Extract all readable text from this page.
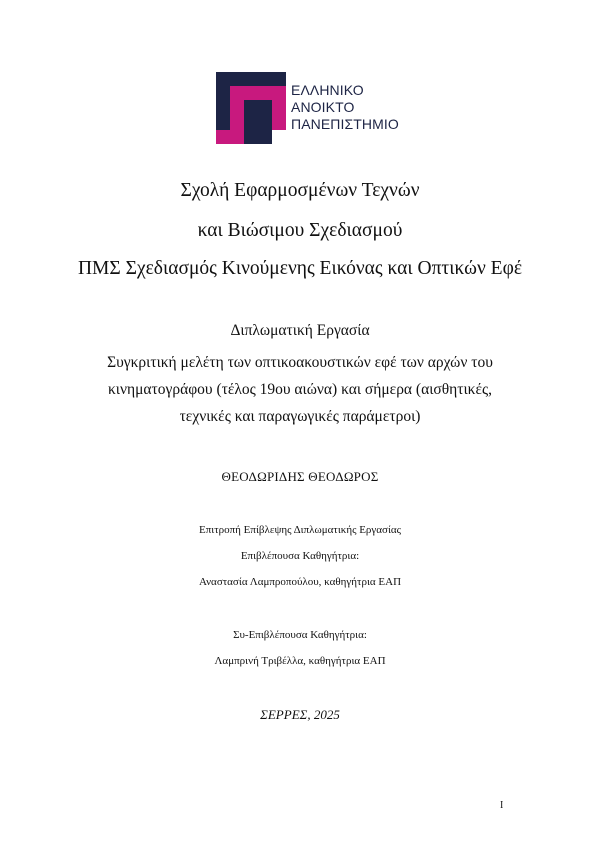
ΕΛΛΗΝΙΚΟ
ΑΝΟΙΚΤΟ
ΠΑΝΕΠΙΣΤΗΜΙΟ
Σχολή Εφαρμοσμένων Τεχνών
και Βιώσιμου Σχεδιασμού
ΠΜΣ Σχεδιασμός Κινούμενης Εικόνας και Οπτικών Εφέ
Διπλωματική Εργασία
Συγκριτική μελέτη των οπτικοακουστικών εφέ των αρχών του
κινηματογράφου (τέλος 19ου αιώνα) και σήμερα (αισθητικές,
τεχνικές και παραγωγικές παράμετροι)
ΘΕΟΔΩΡΙΔΗΣ ΘΕΟΔΩΡΟΣ
Επιτροπή Επίβλεψης Διπλωματικής Εργασίας
Επιβλέπουσα Καθηγήτρια:
Αναστασία Λαμπροπούλου, καθηγήτρια ΕΑΠ
Συ-Επιβλέπουσα Καθηγήτρια:
Λαμπρινή Τριβέλλα, καθηγήτρια ΕΑΠ
ΣΕΡΡΕΣ, 2025
I
